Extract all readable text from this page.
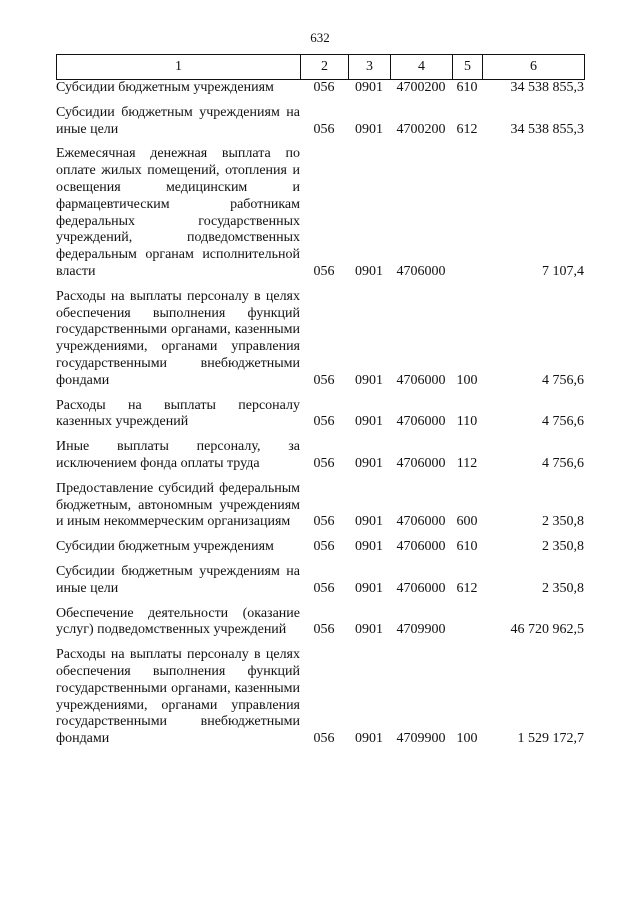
632
1	2	3	4	5	6
Субсидии бюджетным учреждениям	056	0901 4700200 610	34 538 855,3
Субсидии бюджетным учреждениям на иные цели	056	0901 4700200 612	34 538 855,3
Ежемесячная денежная выплата по оплате жилых помещений, отопления и освещения медицинским и фармацевтическим работникам федеральных государственных учреждений, подведомственных федеральным органам исполнительной власти	056	0901 4706000	7 107,4
Расходы на выплаты персоналу в целях обеспечения выполнения функций государственными органами, казенными учреждениями, органами управления государственными внебюджетными фондами	056	0901 4706000 100	4 756,6
Расходы на выплаты персоналу казенных учреждений	056	0901 4706000 110	4 756,6
Иные выплаты персоналу, за исключением фонда оплаты труда	056	0901 4706000 112	4 756,6
Предоставление субсидий федеральным бюджетным, автономным учреждениям и иным некоммерческим организациям	056	0901 4706000 600	2 350,8
Субсидии бюджетным учреждениям	056	0901 4706000 610	2 350,8
Субсидии бюджетным учреждениям на иные цели	056	0901 4706000 612	2 350,8
Обеспечение деятельности (оказание услуг) подведомственных учреждений	056	0901 4709900	46 720 962,5
Расходы на выплаты персоналу в целях обеспечения выполнения функций государственными органами, казенными учреждениями, органами управления государственными внебюджетными фондами	056	0901 4709900 100	1 529 172,7
